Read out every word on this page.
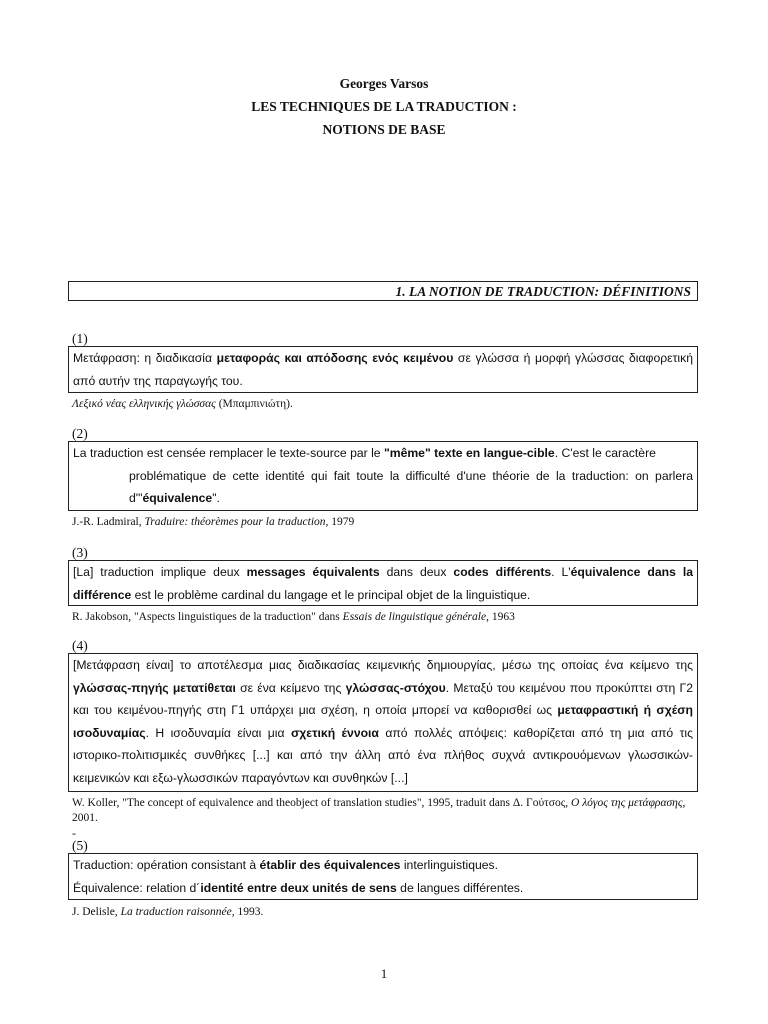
Georges Varsos
LES TECHNIQUES DE LA TRADUCTION :
NOTIONS DE BASE
1. LA NOTION DE TRADUCTION: DÉFINITIONS
(1)
Μετάφραση: η διαδικασία μεταφοράς και απόδοσης ενός κειμένου σε γλώσσα ή μορφή γλώσσας διαφορετική από αυτήν της παραγωγής του.
Λεξικό νέας ελληνικής γλώσσας (Μπαμπινιώτη).
(2)
La traduction est censée remplacer le texte-source par le "même" texte en langue-cible. C'est le caractère
problématique de cette identité qui fait toute la difficulté d'une théorie de la traduction: on parlera d'"équivalence".
J.-R. Ladmiral, Traduire: théorèmes pour la traduction, 1979
(3)
[La] traduction implique deux messages équivalents dans deux codes différents. L'équivalence dans la différence est le problème cardinal du langage et le principal objet de la linguistique.
R. Jakobson, "Aspects linguistiques de la traduction" dans Essais de linguistique générale, 1963
(4)
[Μετάφραση είναι] το αποτέλεσμα μιας διαδικασίας κειμενικής δημιουργίας, μέσω της οποίας ένα κείμενο της γλώσσας-πηγής μετατίθεται σε ένα κείμενο της γλώσσας-στόχου. Μεταξύ του κειμένου που προκύπτει στη Γ2 και του κειμένου-πηγής στη Γ1 υπάρχει μια σχέση, η οποία μπορεί να καθορισθεί ως μεταφραστική ή σχέση ισοδυναμίας. Η ισοδυναμία είναι μια σχετική έννοια από πολλές απόψεις: καθορίζεται από τη μια από τις ιστορικο-πολιτισμικές συνθήκες [...] και από την άλλη από ένα πλήθος συχνά αντικρουόμενων γλωσσικών-κειμενικών και εξω-γλωσσικών παραγόντων και συνθηκών [...]
W. Koller, "The concept of equivalence and theobject of translation studies", 1995, traduit dans Δ. Γούτσος, Ο λόγος της μετάφρασης, 2001.
-
(5)
Traduction: opération consistant à établir des équivalences interlinguistiques.
Équivalence: relation d´identité entre deux unités de sens de langues différentes.
J. Delisle, La traduction raisonnée, 1993.
1
